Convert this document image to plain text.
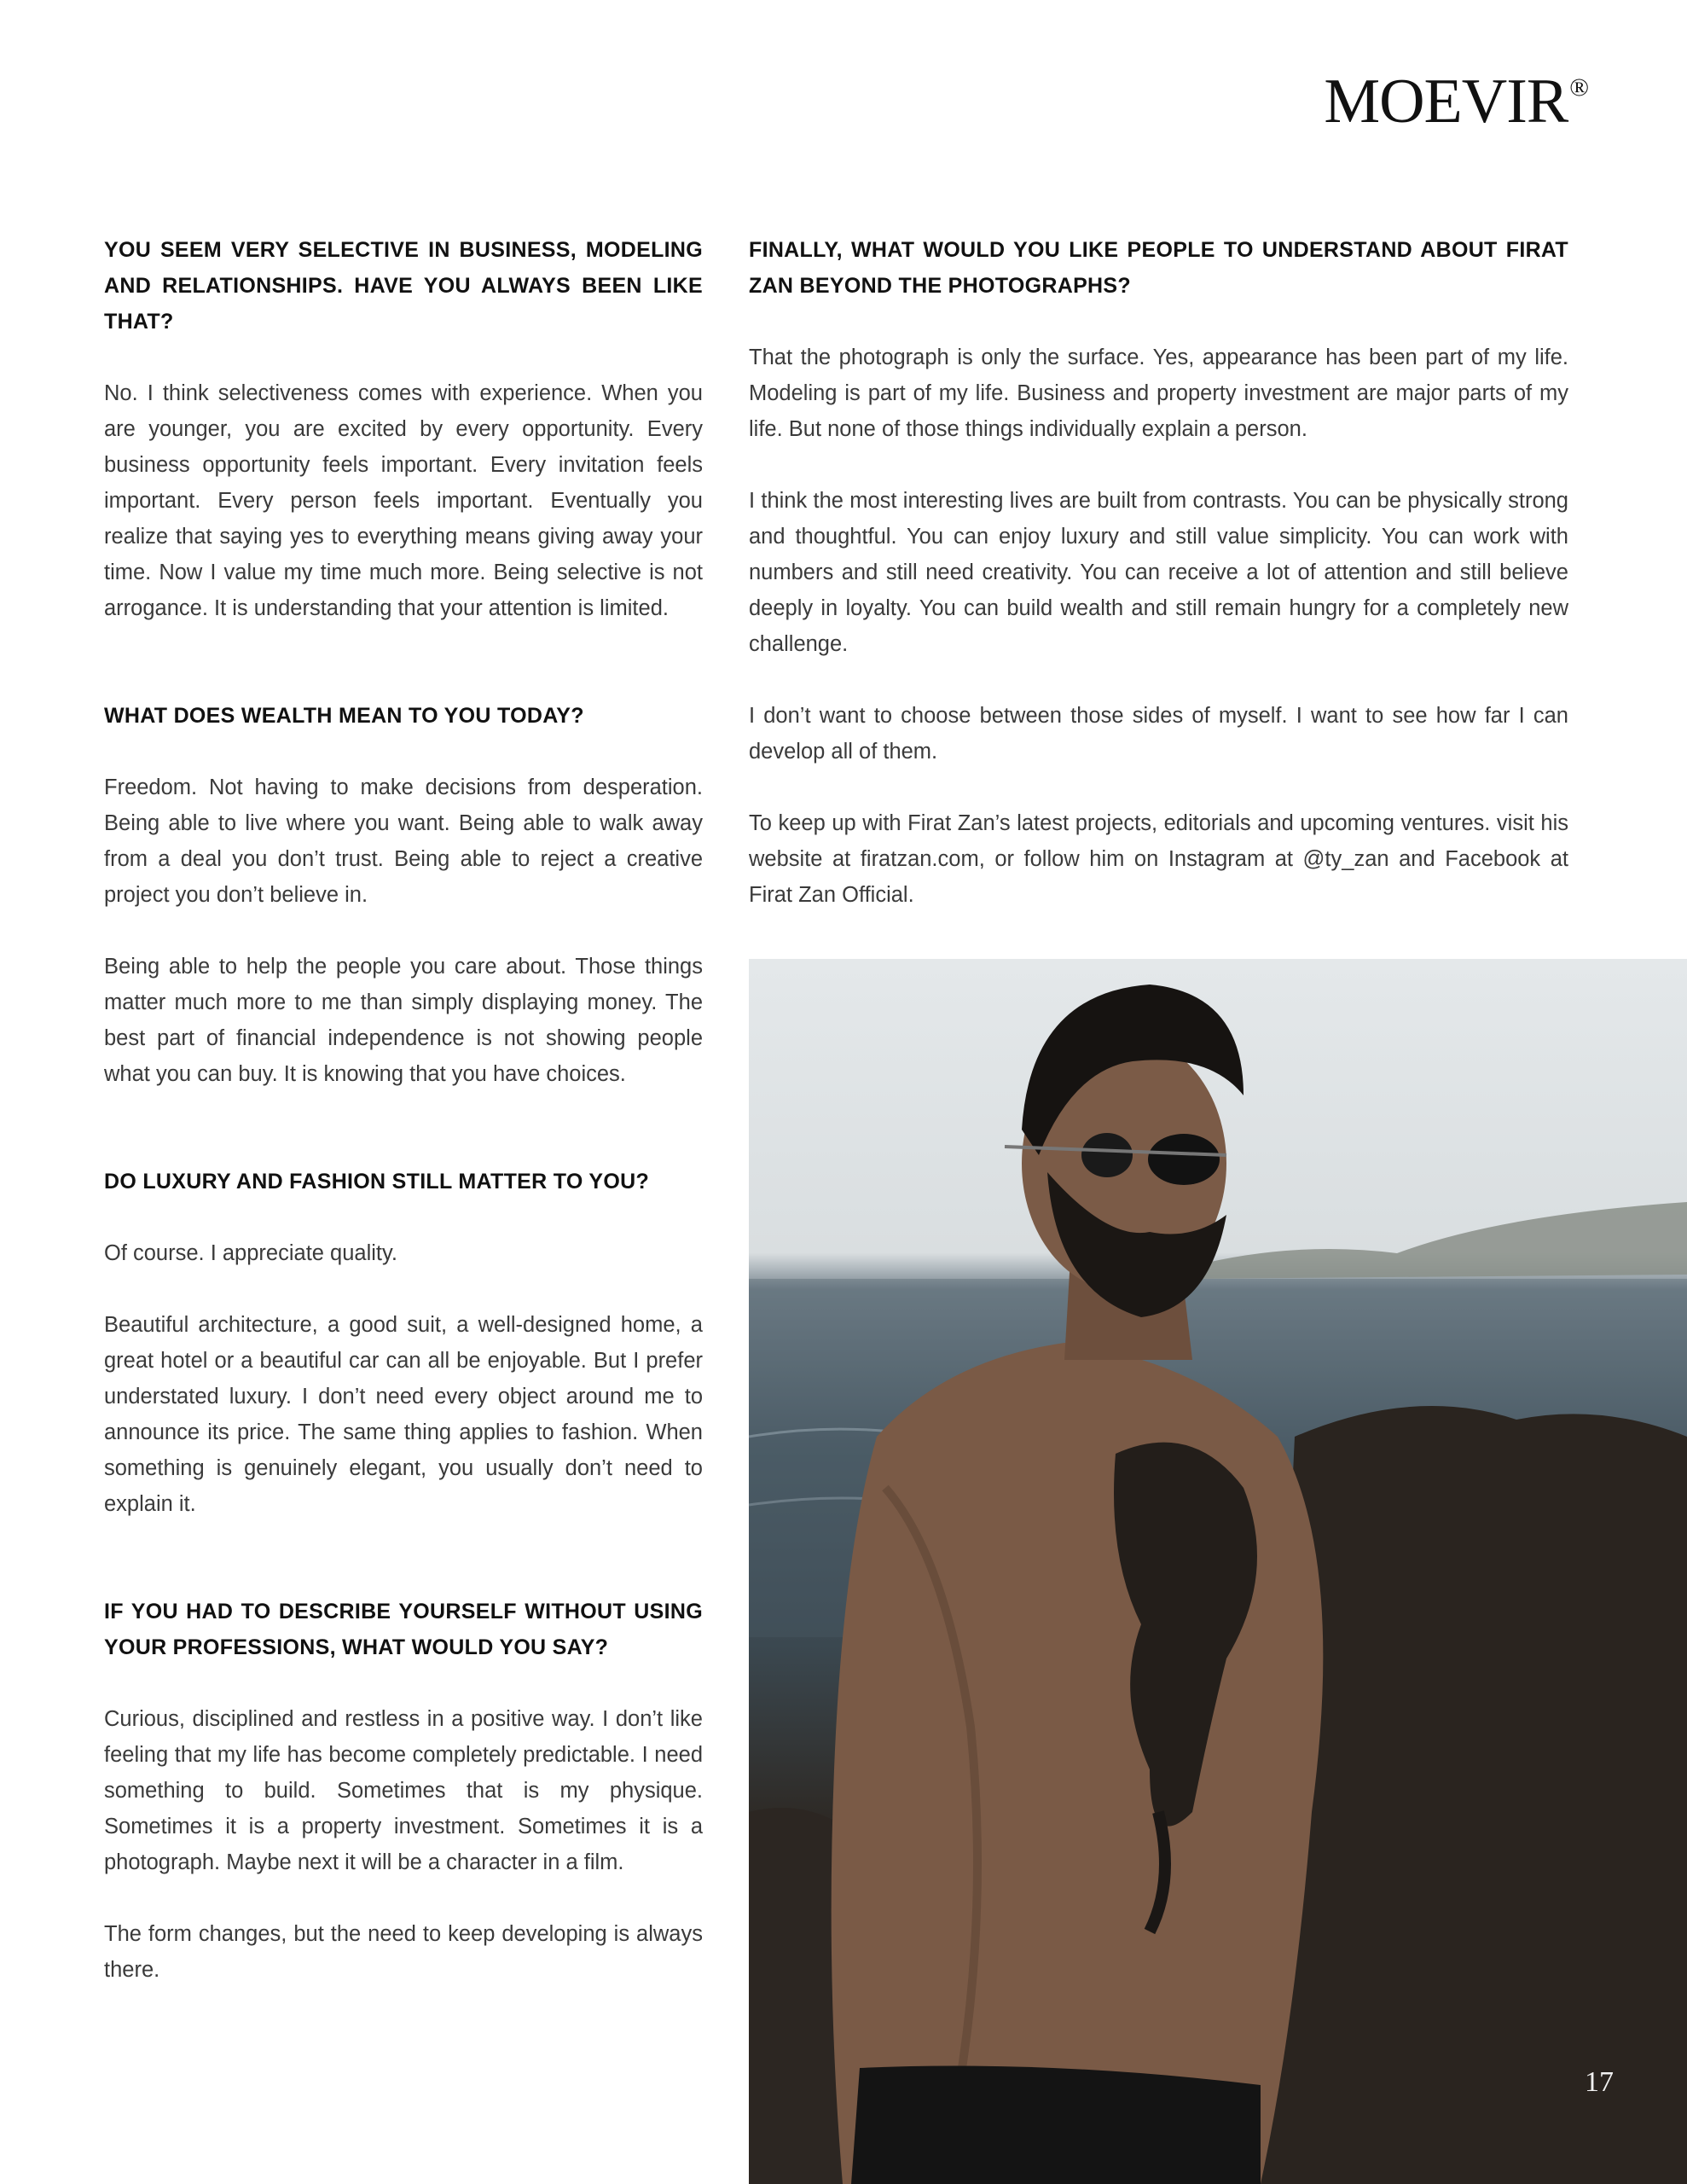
MOEVIR®

YOU SEEM VERY SELECTIVE IN BUSINESS, MODELING AND RELATIONSHIPS. HAVE YOU ALWAYS BEEN LIKE THAT?

No. I think selectiveness comes with experience. When you are younger, you are excited by every opportunity. Every business opportunity feels important. Every invitation feels important. Every person feels important. Eventually you realize that saying yes to everything means giving away your time. Now I value my time much more. Being selective is not arrogance. It is understanding that your attention is limited.

WHAT DOES WEALTH MEAN TO YOU TODAY?

Freedom. Not having to make decisions from desperation. Being able to live where you want. Being able to walk away from a deal you don’t trust. Being able to reject a creative project you don’t believe in.

Being able to help the people you care about. Those things matter much more to me than simply displaying money. The best part of financial independence is not showing people what you can buy. It is knowing that you have choices.

DO LUXURY AND FASHION STILL MATTER TO YOU?

Of course. I appreciate quality.

Beautiful architecture, a good suit, a well-designed home, a great hotel or a beautiful car can all be enjoyable. But I prefer understated luxury. I don’t need every object around me to announce its price. The same thing applies to fashion. When something is genuinely elegant, you usually don’t need to explain it.

IF YOU HAD TO DESCRIBE YOURSELF WITHOUT USING YOUR PROFESSIONS, WHAT WOULD YOU SAY?

Curious, disciplined and restless in a positive way. I don’t like feeling that my life has become completely predictable. I need something to build. Sometimes that is my physique. Sometimes it is a property investment. Sometimes it is a photograph. Maybe next it will be a character in a film.

The form changes, but the need to keep developing is always there.

FINALLY, WHAT WOULD YOU LIKE PEOPLE TO UNDERSTAND ABOUT FIRAT ZAN BEYOND THE PHOTOGRAPHS?

That the photograph is only the surface. Yes, appearance has been part of my life. Modeling is part of my life. Business and property investment are major parts of my life. But none of those things individually explain a person.

I think the most interesting lives are built from contrasts. You can be physically strong and thoughtful. You can enjoy luxury and still value simplicity. You can work with numbers and still need creativity. You can receive a lot of attention and still believe deeply in loyalty. You can build wealth and still remain hungry for a completely new challenge.

I don’t want to choose between those sides of myself. I want to see how far I can develop all of them.

To keep up with Firat Zan’s latest projects, editorials and upcoming ventures. visit his website at firatzan.com, or follow him on Instagram at @ty_zan and Facebook at Firat Zan Official.

17
